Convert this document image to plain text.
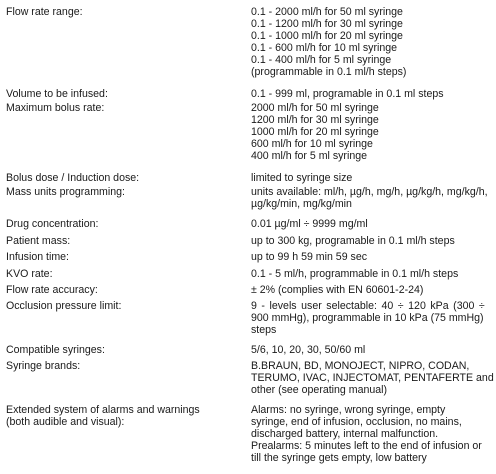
Flow rate range:	0.1 - 2000 ml/h for 50 ml syringe
0.1 - 1200 ml/h for 30 ml syringe
0.1 - 1000 ml/h for 20 ml syringe
0.1 - 600 ml/h for 10 ml syringe
0.1 - 400 ml/h for 5 ml syringe
(programmable in 0.1 ml/h steps)
Volume to be infused:	0.1 - 999 ml, programable in 0.1 ml steps
Maximum bolus rate:	2000 ml/h for 50 ml syringe
1200 ml/h for 30 ml syringe
1000 ml/h for 20 ml syringe
600 ml/h for 10 ml syringe
400 ml/h for 5 ml syringe
Bolus dose / Induction dose:	limited to syringe size
Mass units programming:	units available: ml/h, µg/h, mg/h, µg/kg/h, mg/kg/h,
µg/kg/min, mg/kg/min
Drug concentration:	0.01 µg/ml ÷ 9999 mg/ml
Patient mass:	up to 300 kg, programable in 0.1 ml/h steps
Infusion time:	up to 99 h 59 min 59 sec
KVO rate:	0.1 - 5 ml/h, programmable in 0.1 ml/h steps
Flow rate accuracy:	± 2% (complies with EN 60601-2-24)
Occlusion pressure limit:	9 - levels user selectable: 40 ÷ 120 kPa (300 ÷
900 mmHg), programmable in 10 kPa (75 mmHg)
steps
Compatible syringes:	5/6, 10, 20, 30, 50/60 ml
Syringe brands:	B.BRAUN, BD, MONOJECT, NIPRO, CODAN,
TERUMO, IVAC, INJECTOMAT, PENTAFERTE and
other (see operating manual)
Extended system of alarms and warnings
(both audible and visual):
Alarms: no syringe, wrong syringe, empty
syringe, end of infusion, occlusion, no mains,
discharged battery, internal malfunction.
Prealarms: 5 minutes left to the end of infusion or
till the syringe gets empty, low battery
